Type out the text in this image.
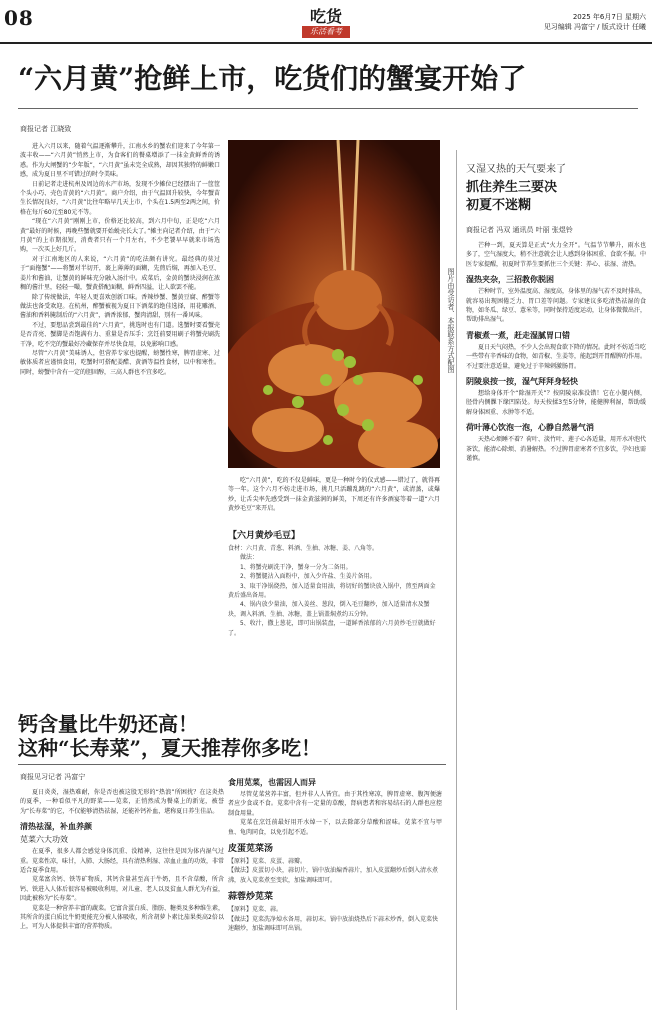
08	吃货
乐活看考
2025 年6月7日 星期六
见习编辑 冯富宁 / 版式设计 任曦
“六月黄”抢鲜上市，吃货们的蟹宴开始了
商报记者 江晓致

进入六月以来，随着气温逐渐攀升，江南水乡的蟹农们迎来了今年第一波丰收——“六月黄”悄然上市，为食客们的餐桌增添了一抹金黄鲜香的诱惑。作为大闸蟹的“少年版”，“六月黄”虽未完全成熟，却因其独特的鲜嫩口感，成为夏日里不可错过的时令美味。

日前记者走进杭州及周边的水产市场，发现不少摊位已经摆出了一筐筐个头小巧、壳色青黄的“六月黄”。商户介绍，由于气温回升较快，今年蟹苗生长情况良好，“六月黄”比往年略早几天上市，个头在1.5两至2两之间，价格在每斤60元至80元不等。

“现在“六月黄”刚刚上市，价格还比较高，到六月中旬，正是吃“六月黄”最好的时候，再晚些蟹就要开始蜕壳长大了。”摊主向记者介绍，由于“六月黄”的上市期很短，消费者只有一个月左右，不少老饕早早就来市场选购，一次买上好几斤。

对于江南地区的人来说，“六月黄”的吃法颇有讲究。最经典的莫过于“面拖蟹”——将蟹对半切开，裹上薄薄的面糊，先煎后焖，再加入毛豆、姜片和酱油，让蟹黄的鲜味充分融入汤汁中。成菜后，金黄的蟹块浸润在浓稠的酱汁里，轻轻一嘬，蟹黄搭配面糊，鲜香四溢，让人欲罢不能。

除了传统做法，年轻人更喜欢创新口味。香辣炒蟹、蟹黄豆腐、醉蟹等做法也备受欢迎。在杭州，醉蟹被视为夏日下酒菜的绝佳选择，用花雕酒、酱油和香料腌制后的“六月黄”，酒香浓郁，蟹肉清甜，别有一番风味。

不过，要想品尝到最佳的“六月黄”，挑选时也有门道。选蟹时要看蟹壳是否青亮、蟹脚是否饱满有力、重量是否压手；烹饪前要用刷子将蟹壳刷洗干净，吃不完的蟹最好冷藏保存并尽快食用，以免影响口感。

尽管“六月黄”美味诱人，但营养专家也提醒，螃蟹性寒，脾胃虚寒、过敏体质者应谨慎食用，吃蟹时可搭配姜醋、黄酒等温性食材，以中和寒性。同时，螃蟹中含有一定的胆固醇，三高人群也不宜多吃。	图片由受访者、本报联系方式配图

吃“六月黄”，吃的不仅是鲜味，更是一种时令的仪式感——错过了，就得再等一年。这个六月不妨走进市场，挑几只活蹦乱跳的“六月黄”，或清蒸，或爆炒，让舌尖率先感受到一抹金黄滋润的鲜美，下周还有许多酒宴等着一道“六月黄炒毛豆”来开启。

【六月黄炒毛豆】

食材：六月黄、青葱、料酒、生抽、冰糖、姜、八角等。

做法：

1、将蟹壳刷洗干净，蟹身一分为二备用。

2、将蟹腿沾入面粉中，加入少许盐、生姜片备用。

3、取干净锅烧热，加入适量食用油，将切好的蟹块放入锅中，煎至两面金黄后盛出备用。

4、锅内放少量油，加入姜丝、葱段，倒入毛豆翻炒，加入适量清水及蟹块，调入料酒、生抽、冰糖，盖上锅盖焖煮约五分钟。

5、收汁，撒上葱花，即可出锅装盘，一道鲜香浓郁的六月黄炒毛豆就做好了。

又湿又热的天气要来了
抓住养生三要决
初夏不迷糊
商报记者 冯双 通讯员 叶丽 张煜铃
芒种一到，夏天算是正式“火力全开”。气温节节攀升，雨水也多了，空气湿度大，稍不注意就会让人感到身体困重、食欲不振。中医专家提醒，初夏时节养生要抓住三个关键：养心、祛湿、清热。
湿热夹杂，三招教你脱困
芒种时节，室外温度高、湿度高，身体里的湿气若不及时排出，就容易出现困倦乏力、胃口差等问题。专家建议多吃清热祛湿的食物，如冬瓜、绿豆、薏米等，同时保持适度运动，让身体微微出汗，帮助排出湿气。
青椒煮一煮，赶走湿腻胃口错
夏日天气闷热，不少人会出现食欲下降的情况。此时不妨适当吃一些带有辛香味的食物，如青椒、生姜等，能起到开胃醒脾的作用。不过要注意适量，避免过于辛辣刺激肠胃。
阴陵泉按一按，湿气拜拜身轻快
想给身体开个“除湿开关”？按阴陵泉准没错！它在小腿内侧，胫骨内侧髁下缘凹陷处。每天按揉3至5分钟，能健脾利湿，帮助缓解身体困重、水肿等不适。
荷叶薄心饮泡一泡，心静自然暑气消
天热心烦睡不着？荷叶、淡竹叶、莲子心各适量，用开水冲泡代茶饮，能清心除烦、消暑解热。不过脾胃虚寒者不宜多饮，孕妇也需谨慎。
钙含量比牛奶还高！
这种“长寿菜”，夏天推荐你多吃！
商报见习记者 冯富宁
夏日炎炎，湿热难耐，你是否也被这股无形的“热浪”所困扰？在这炎热的夏季，一种看似平凡的野菜——苋菜，正悄然成为餐桌上的新宠，被誉为“长寿菜”的它，不仅能够清热祛湿，还能补钙补血，堪称夏日养生佳品。
清热祛湿，补血养颜
苋菜六大功效

在夏季，很多人都会感觉身体沉重、没精神，这往往是因为体内湿气过重。苋菜性凉，味甘，入肺、大肠经，具有清热利湿、凉血止血的功效，非常适合夏季食用。

苋菜富含钙、铁等矿物质，其钙含量甚至高于牛奶，且不含草酸，所含钙、铁进入人体后很容易被吸收利用，对儿童、老人以及贫血人群尤为有益，因此被称为“长寿菜”。

苋菜是一种营养丰富的蔬菜。它富含蛋白质、脂肪、糖类及多种维生素，其所含的蛋白质比牛奶更能充分被人体吸收，所含胡萝卜素比茄果类高2倍以上，可为人体提供丰富的营养物质。

食用苋菜，也需因人而异

尽管苋菜营养丰富，但并非人人皆宜。由于其性寒凉，脾胃虚寒、腹泻便溏者应少食或不食。苋菜中含有一定量的草酸，肾病患者和容易结石的人群也应控制食用量。

苋菜在烹饪前最好用开水焯一下，以去除部分草酸和涩味。苋菜不宜与甲鱼、龟肉同食，以免引起不适。

皮蛋苋菜汤

【原料】苋菜、皮蛋、蒜瓣。

【做法】皮蛋切小块，蒜切片，锅中放油煸香蒜片，加入皮蛋翻炒后倒入清水煮沸，放入苋菜煮至变软，加盐调味即可。

蒜蓉炒苋菜

【原料】苋菜、蒜。

【做法】苋菜洗净焯水备用，蒜切末。锅中放油烧热后下蒜末炒香，倒入苋菜快速翻炒，加盐调味即可出锅。
